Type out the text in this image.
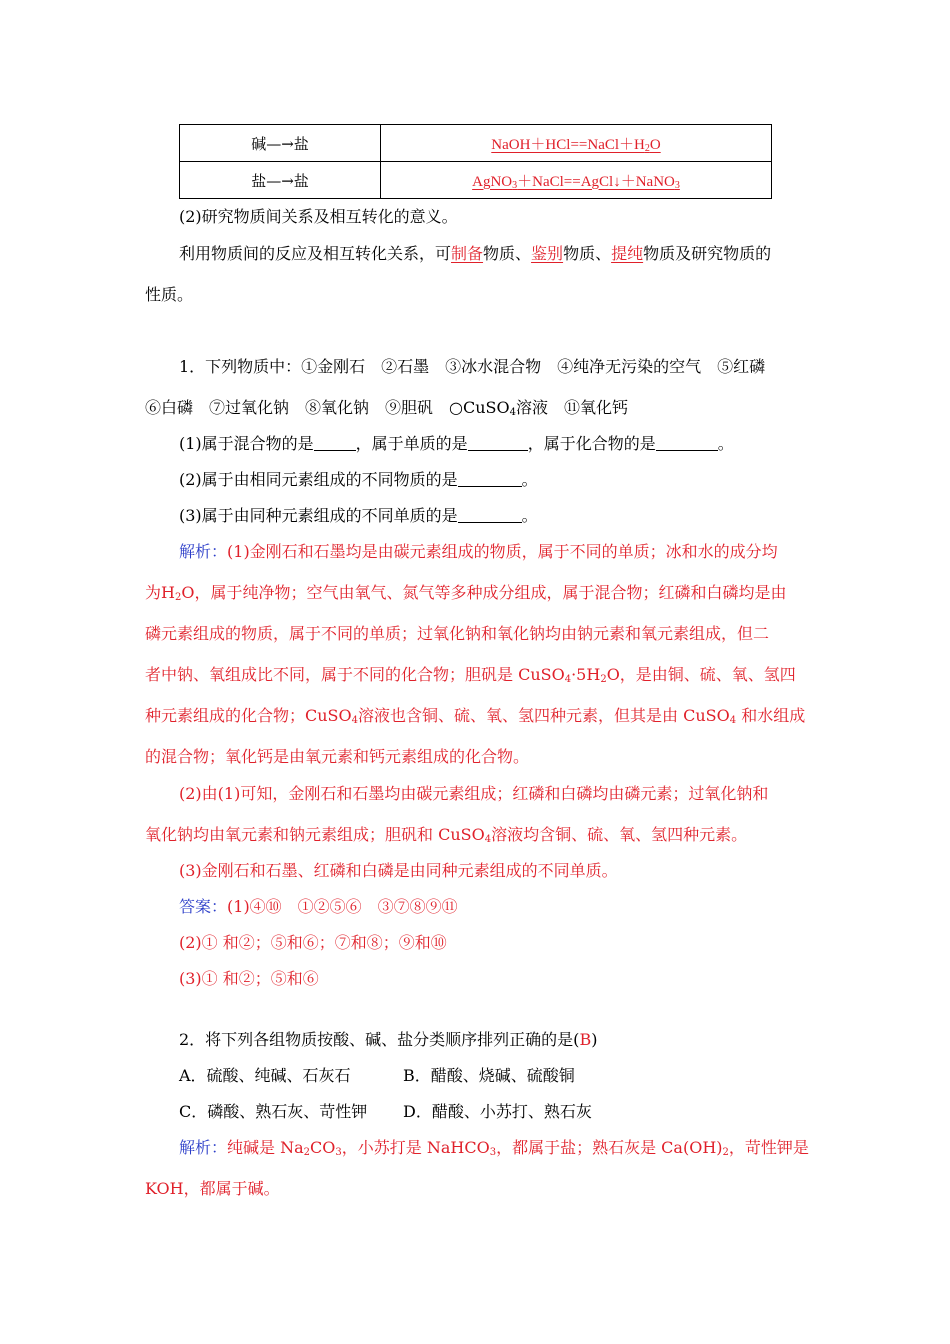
碱—→盐	$NaOH+HCl==NaCl+H_2O$
盐—→盐	AgNO$_3$＋NaCl==AgCl↓＋NaNO$_3$
(2)研究物质间关系及相互转化的意义。
利用物质间的反应及相互转化关系，可制备物质、鉴别物质、提纯物质及研究物质的
性质。
1．下列物质中：①金刚石　②石墨　③冰水混合物　④纯净无污染的空气　⑤红磷
⑥白磷　⑦过氧化钠　⑧氧化钠　⑨胆矾　○CuSO$_4$溶液　⑪氧化钙
(1)属于混合物的是	，属于单质的是	，属于化合物的是	。
(2)属于由相同元素组成的不同物质的是	。
(3)属于由同种元素组成的不同单质的是	。
解析：(1)金刚石和石墨均是由碳元素组成的物质，属于不同的单质；冰和水的成分均
为$H_2O$，属于纯净物；空气由氧气、氮气等多种成分组成，属于混合物；红磷和白磷均是由
磷元素组成的物质，属于不同的单质；过氧化钠和氧化钠均由钠元素和氧元素组成，但二
者中钠、氧组成比不同，属于不同的化合物；胆矾是 $CuSO_4\cdot 5H_2O$，是由铜、硫、氧、氢四
种元素组成的化合物；CuSO$_4$溶液也含铜、硫、氧、氢四种元素，但其是由 CuSO$_4$ 和水组成
的混合物；氧化钙是由氧元素和钙元素组成的化合物。
(2)由(1)可知，金刚石和石墨均由碳元素组成；红磷和白磷均由磷元素；过氧化钠和
氧化钠均由氧元素和钠元素组成；胆矾和 CuSO$_4$溶液均含铜、硫、氧、氢四种元素。
(3)金刚石和石墨、红磷和白磷是由同种元素组成的不同单质。
答案：(1)④⑩　①②⑤⑥　③⑦⑧⑨⑪
(2)① 和②；⑤和⑥；⑦和⑧；⑨和⑩
(3)① 和②；⑤和⑥
2．将下列各组物质按酸、碱、盐分类顺序排列正确的是(B)
A．硫酸、纯碱、石灰石	B．醋酸、烧碱、硫酸铜
C．磷酸、熟石灰、苛性钾 D．醋酸、小苏打、熟石灰
解析：纯碱是 $Na_2CO_3$，小苏打是 NaHCO$_3$，都属于盐；熟石灰是 $Ca(OH)_2$，苛性钾是
KOH，都属于碱。
